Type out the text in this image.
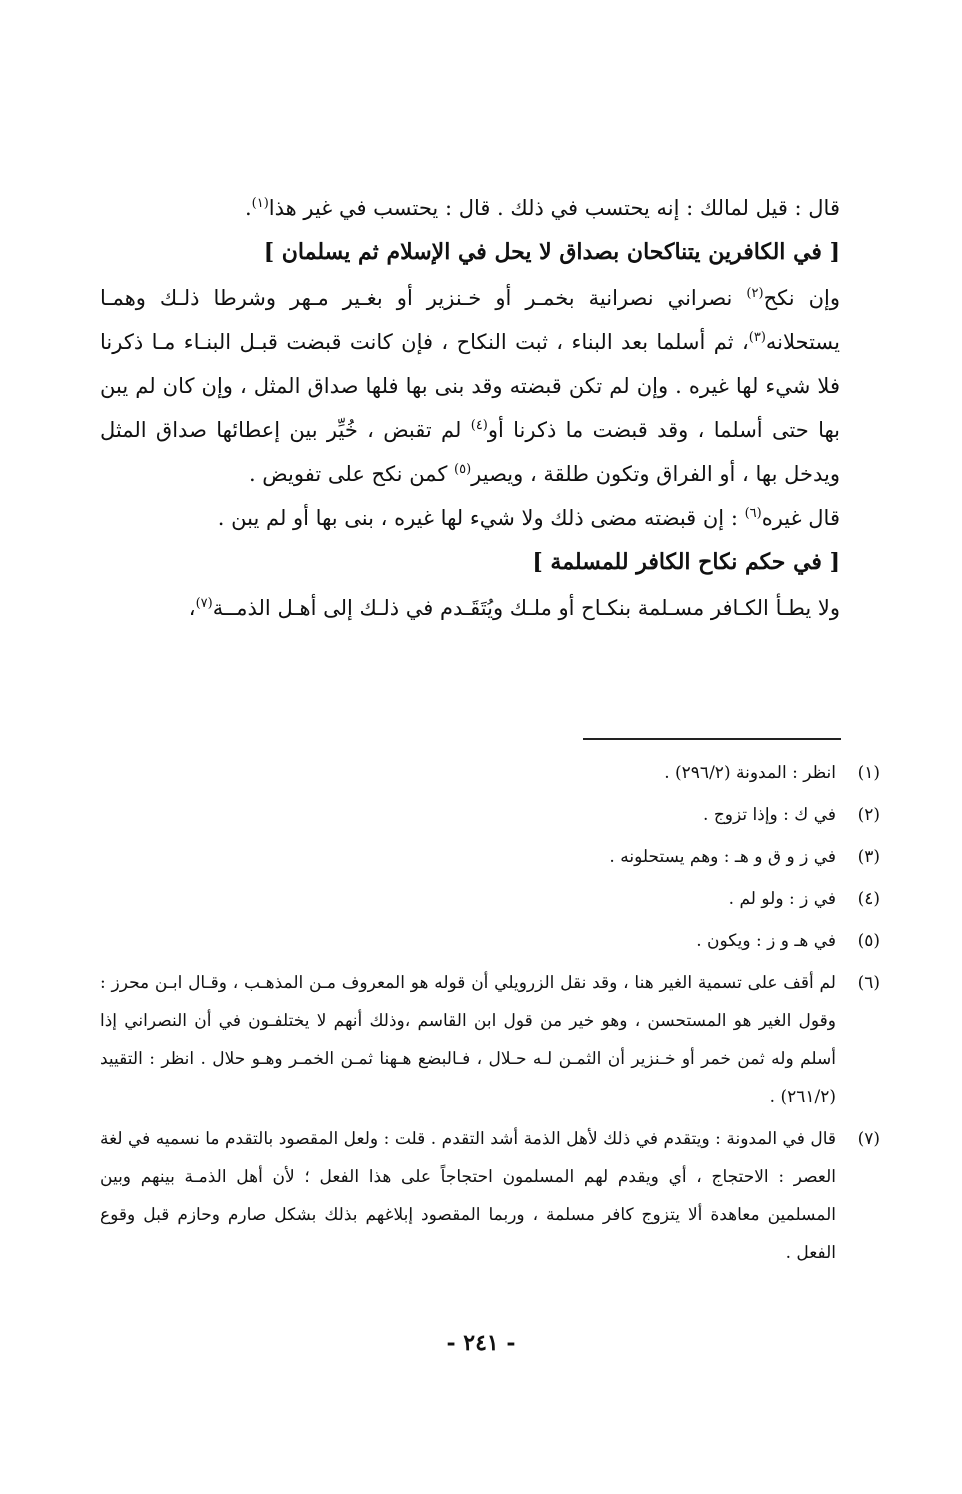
قال : قيل لمالك : إنه يحتسب في ذلك . قال : يحتسب في غير هذا$^{(١)}$.

[ في الكافرين يتناكحان بصداق لا يحل في الإسلام ثم يسلمان ]

وإن نكح$^{(٢)}$ نصراني نصرانية بخمـر أو خـنزير أو بغـير مـهر وشرطا ذلـك وهمـا يستحلانه$^{(٣)}$، ثم أسلما بعد البناء ، ثبت النكاح ، فإن كانت قبضت قبـل البنـاء مـا ذكرنا فلا شيء لها غيره . وإن لم تكن قبضته وقد بنى بها فلها صداق المثل ، وإن كان لم يبن بها حتى أسلما ، وقد قبضت ما ذكرنا أو$^{(٤)}$ لم تقبض ، خُيِّر بين إعطائها صداق المثل ويدخل بها ، أو الفراق وتكون طلقة ، ويصير$^{(٥)}$ كمن نكح على تفويض .

قال غيره$^{(٦)}$ : إن قبضته مضى ذلك ولا شيء لها غيره ، بنى بها أو لم يبن .

[ في حكم نكاح الكافر للمسلمة ]

ولا يطـأ الكـافر مسـلمة بنكـاح أو ملـك ويُتَقَـدم في ذلـك إلى أهـل الذمــة$^{(٧)}$،

(١)
انظر : المدونة (٢٩٦/٢) .
(٢)
في ك : وإذا تزوج .
(٣)
في ز و ق و هـ : وهم يستحلونه .
(٤)
في ز : ولو لم .
(٥)
في هـ و ز : ويكون .
(٦)
لم أقف على تسمية الغير هنا ، وقد نقل الزرويلي أن قوله هو المعروف مـن المذهـب ، وقـال ابـن محرز : وقول الغير هو المستحسن ، وهو خير من قول ابن القاسم ،وذلك أنهم لا يختلفـون في أن النصراني إذا أسلم وله ثمن خمر أو خـنزير أن الثمـن لـه حـلال ، فـالبضع هـهنا ثمـن الخمـر وهـو حلال . انظر : التقييد (٢٦١/٢) .
(٧)
قال في المدونة : ويتقدم في ذلك لأهل الذمة أشد التقدم . قلت : ولعل المقصود بالتقدم ما نسميه في لغة العصر : الاحتجاج ، أي ويقدم لهم المسلمون احتجاجاً على هذا الفعل ؛ لأن أهل الذمـة بينهم وبين المسلمين معاهدة ألا يتزوج كافر مسلمة ، وربما المقصود إبلاغهم بذلك بشكل صارم وحازم قبل وقوع الفعل .
- ٢٤١ -
